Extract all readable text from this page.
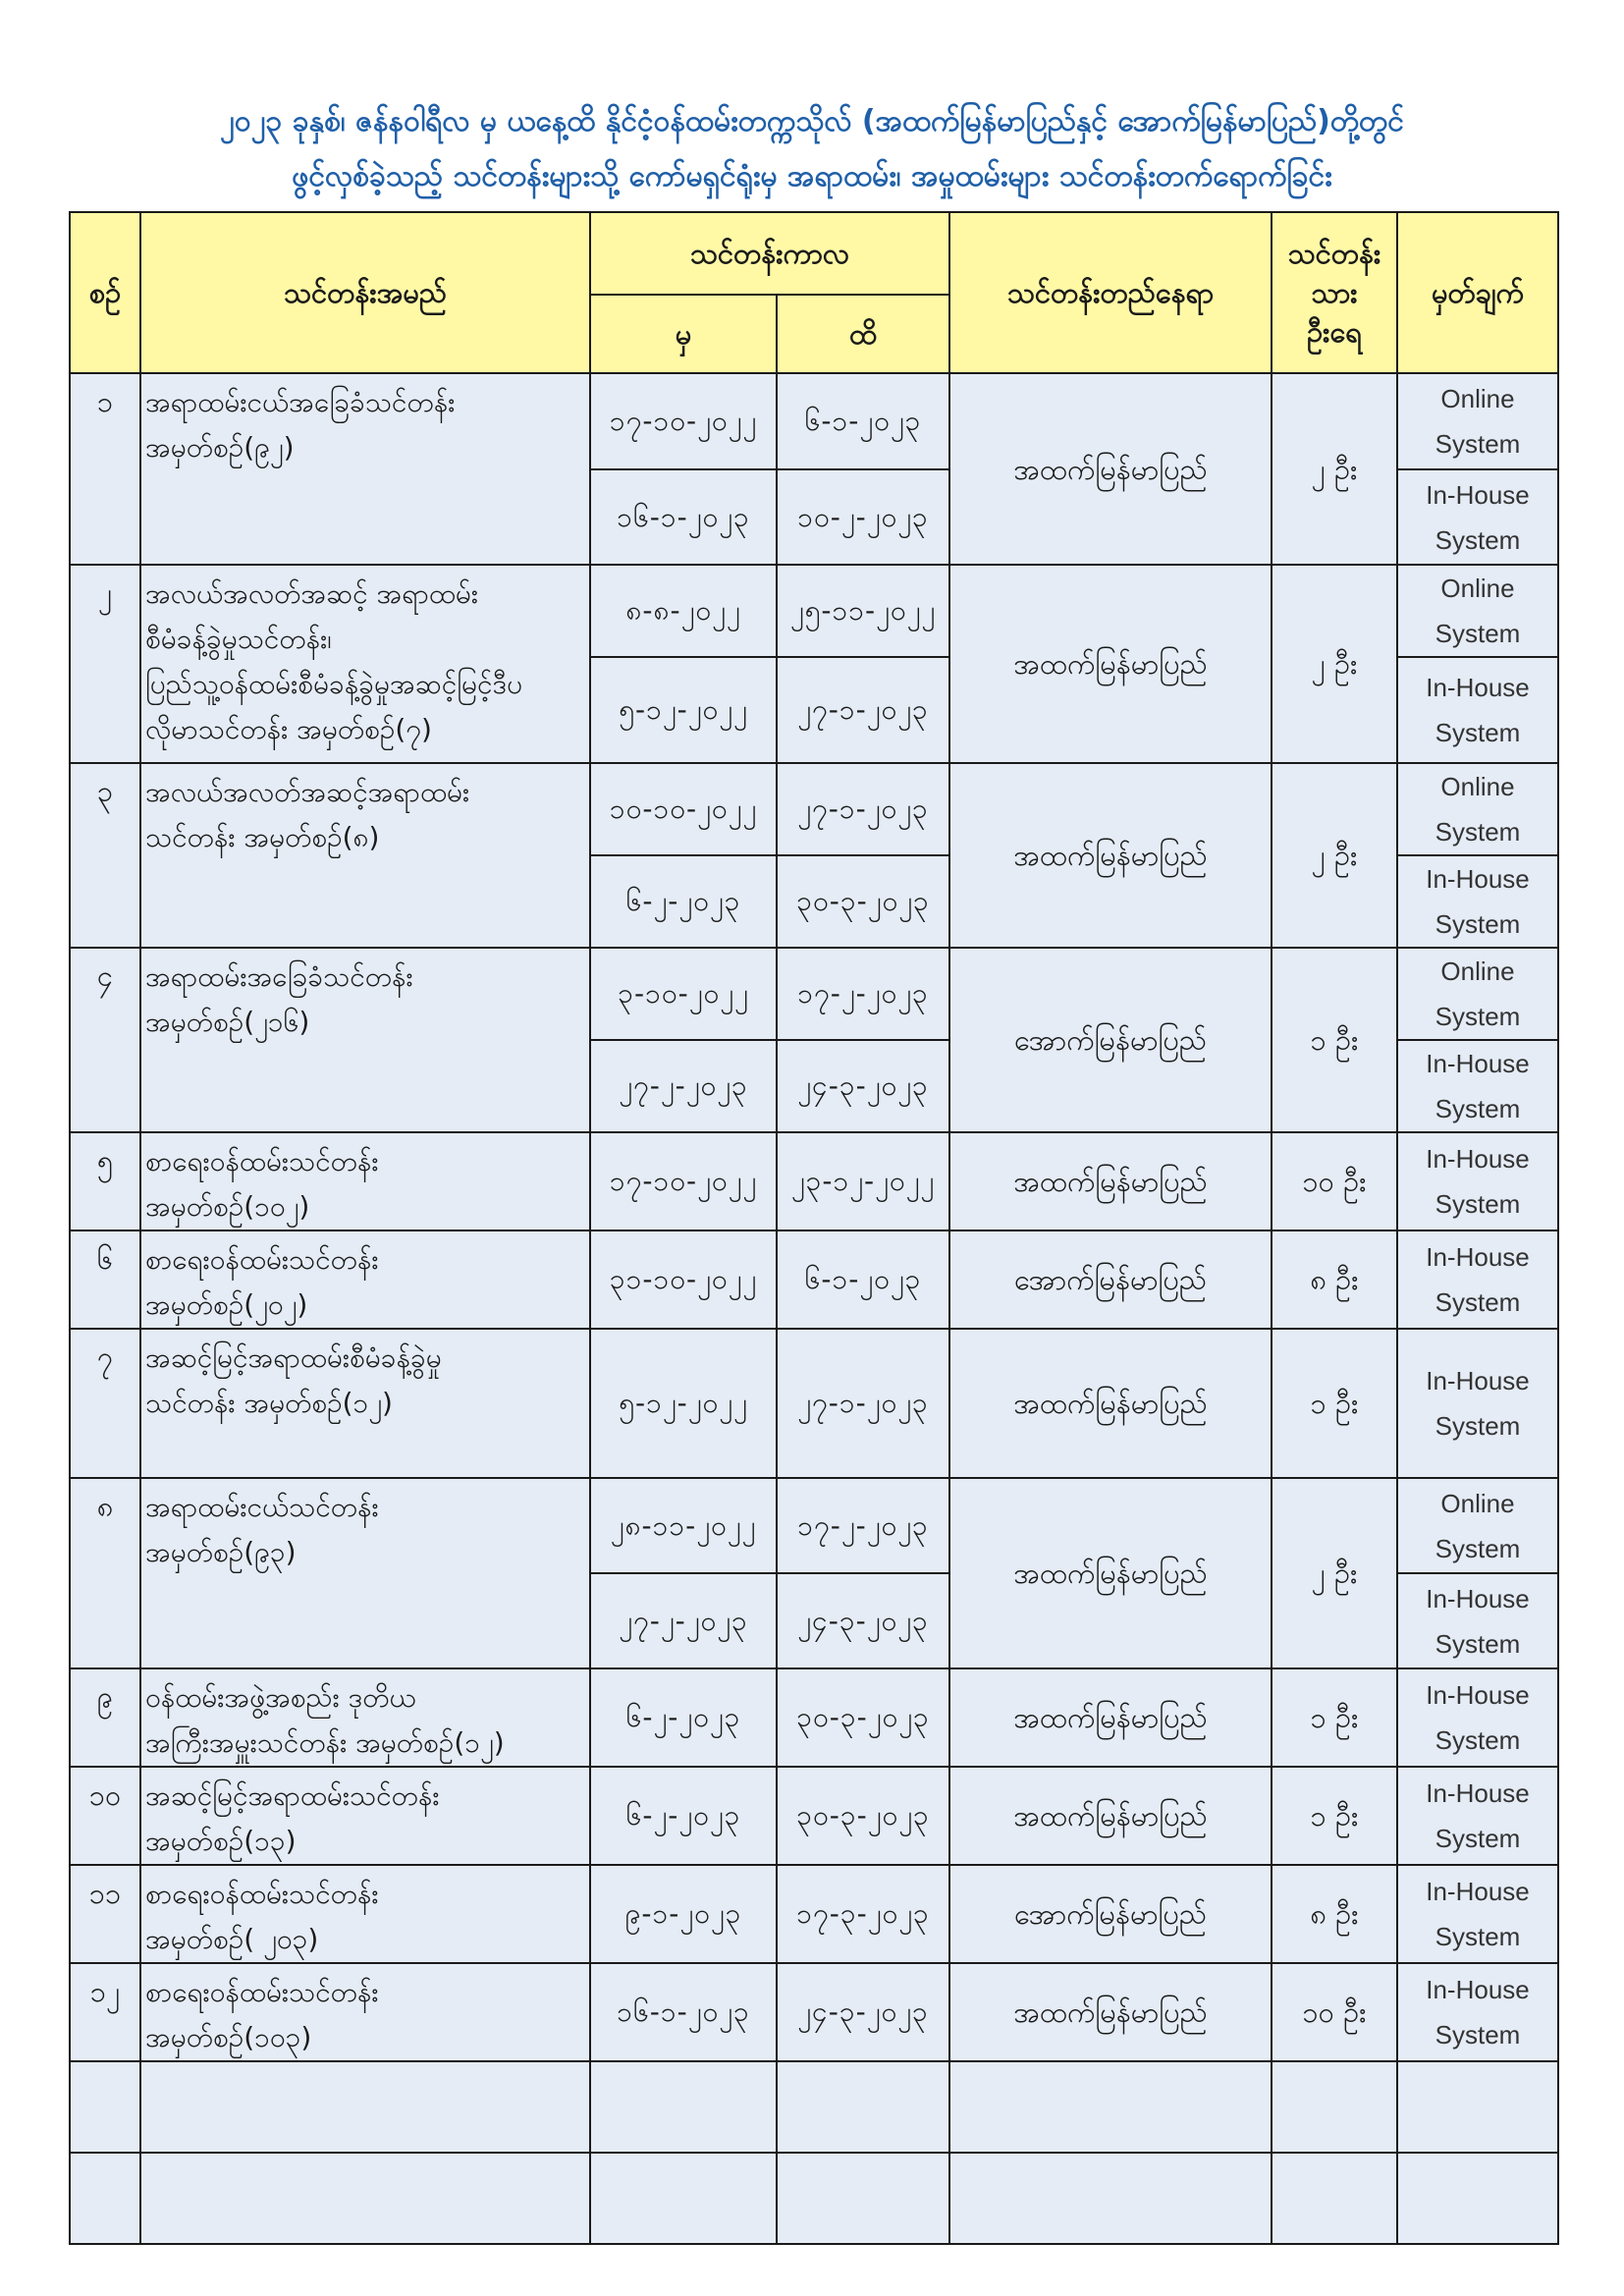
၂၀၂၃ ခုနှစ်၊ ဇန်နဝါရီလ မှ ယနေ့ထိ နိုင်ငံ့ဝန်ထမ်းတက္ကသိုလ် (အထက်မြန်မာပြည်နှင့် အောက်မြန်မာပြည်)တို့တွင်
ဖွင့်လှစ်ခဲ့သည့် သင်တန်းများသို့ ကော်မရှင်ရုံးမှ အရာထမ်း၊ အမှုထမ်းများ သင်တန်းတက်ရောက်ခြင်း
စဉ်	သင်တန်းအမည်	သင်တန်းကာလ		သင်တန်းတည်နေရာ	သင်တန်း
သား
ဦးရေ	မှတ်ချက်
		မှ	ထိ			
၁	အရာထမ်းငယ်အခြေခံသင်တန်း
အမှတ်စဉ်(၉၂)	၁၇-၁၀-၂၀၂၂	၆-၁-၂၀၂၃	အထက်မြန်မာပြည်	၂ ဦး	Online
System
		၁၆-၁-၂၀၂၃	၁၀-၂-၂၀၂၃			In-House
System
၂	အလယ်အလတ်အဆင့် အရာထမ်း
စီမံခန့်ခွဲမှုသင်တန်း၊
ပြည်သူ့ဝန်ထမ်းစီမံခန့်ခွဲမှုအဆင့်မြင့်ဒီပ
လိုမာသင်တန်း အမှတ်စဉ်(၇)	၈-၈-၂၀၂၂	၂၅-၁၁-၂၀၂၂	အထက်မြန်မာပြည်	၂ ဦး	Online
System
		၅-၁၂-၂၀၂၂	၂၇-၁-၂၀၂၃			In-House
System
၃	အလယ်အလတ်အဆင့်အရာထမ်း
သင်တန်း အမှတ်စဉ်(၈)	၁၀-၁၀-၂၀၂၂	၂၇-၁-၂၀၂၃	အထက်မြန်မာပြည်	၂ ဦး	Online
System
		၆-၂-၂၀၂၃	၃၀-၃-၂၀၂၃			In-House
System
၄	အရာထမ်းအခြေခံသင်တန်း
အမှတ်စဉ်(၂၁၆)	၃-၁၀-၂၀၂၂	၁၇-၂-၂၀၂၃	အောက်မြန်မာပြည်	၁ ဦး	Online
System
		၂၇-၂-၂၀၂၃	၂၄-၃-၂၀၂၃			In-House
System
၅	စာရေးဝန်ထမ်းသင်တန်း
အမှတ်စဉ်(၁၀၂)	၁၇-၁၀-၂၀၂၂	၂၃-၁၂-၂၀၂၂	အထက်မြန်မာပြည်	၁၀ ဦး	In-House
System
၆	စာရေးဝန်ထမ်းသင်တန်း
အမှတ်စဉ်(၂၀၂)	၃၁-၁၀-၂၀၂၂	၆-၁-၂၀၂၃	အောက်မြန်မာပြည်	၈ ဦး	In-House
System
၇	အဆင့်မြင့်အရာထမ်းစီမံခန့်ခွဲမှု
သင်တန်း အမှတ်စဉ်(၁၂)	၅-၁၂-၂၀၂၂	၂၇-၁-၂၀၂၃	အထက်မြန်မာပြည်	၁ ဦး	In-House
System
၈	အရာထမ်းငယ်သင်တန်း
အမှတ်စဉ်(၉၃)	၂၈-၁၁-၂၀၂၂	၁၇-၂-၂၀၂၃	အထက်မြန်မာပြည်	၂ ဦး	Online
System
		၂၇-၂-၂၀၂၃	၂၄-၃-၂၀၂၃			In-House
System
၉	ဝန်ထမ်းအဖွဲ့အစည်း ဒုတိယ
အကြီးအမှူးသင်တန်း အမှတ်စဉ်(၁၂)	၆-၂-၂၀၂၃	၃၀-၃-၂၀၂၃	အထက်မြန်မာပြည်	၁ ဦး	In-House
System
၁၀	အဆင့်မြင့်အရာထမ်းသင်တန်း
အမှတ်စဉ်(၁၃)	၆-၂-၂၀၂၃	၃၀-၃-၂၀၂၃	အထက်မြန်မာပြည်	၁ ဦး	In-House
System
၁၁	စာရေးဝန်ထမ်းသင်တန်း
အမှတ်စဉ်( ၂၀၃)	၉-၁-၂၀၂၃	၁၇-၃-၂၀၂၃	အောက်မြန်မာပြည်	၈ ဦး	In-House
System
၁၂	စာရေးဝန်ထမ်းသင်တန်း
အမှတ်စဉ်(၁၀၃)	၁၆-၁-၂၀၂၃	၂၄-၃-၂၀၂၃	အထက်မြန်မာပြည်	၁၀ ဦး	In-House
System
